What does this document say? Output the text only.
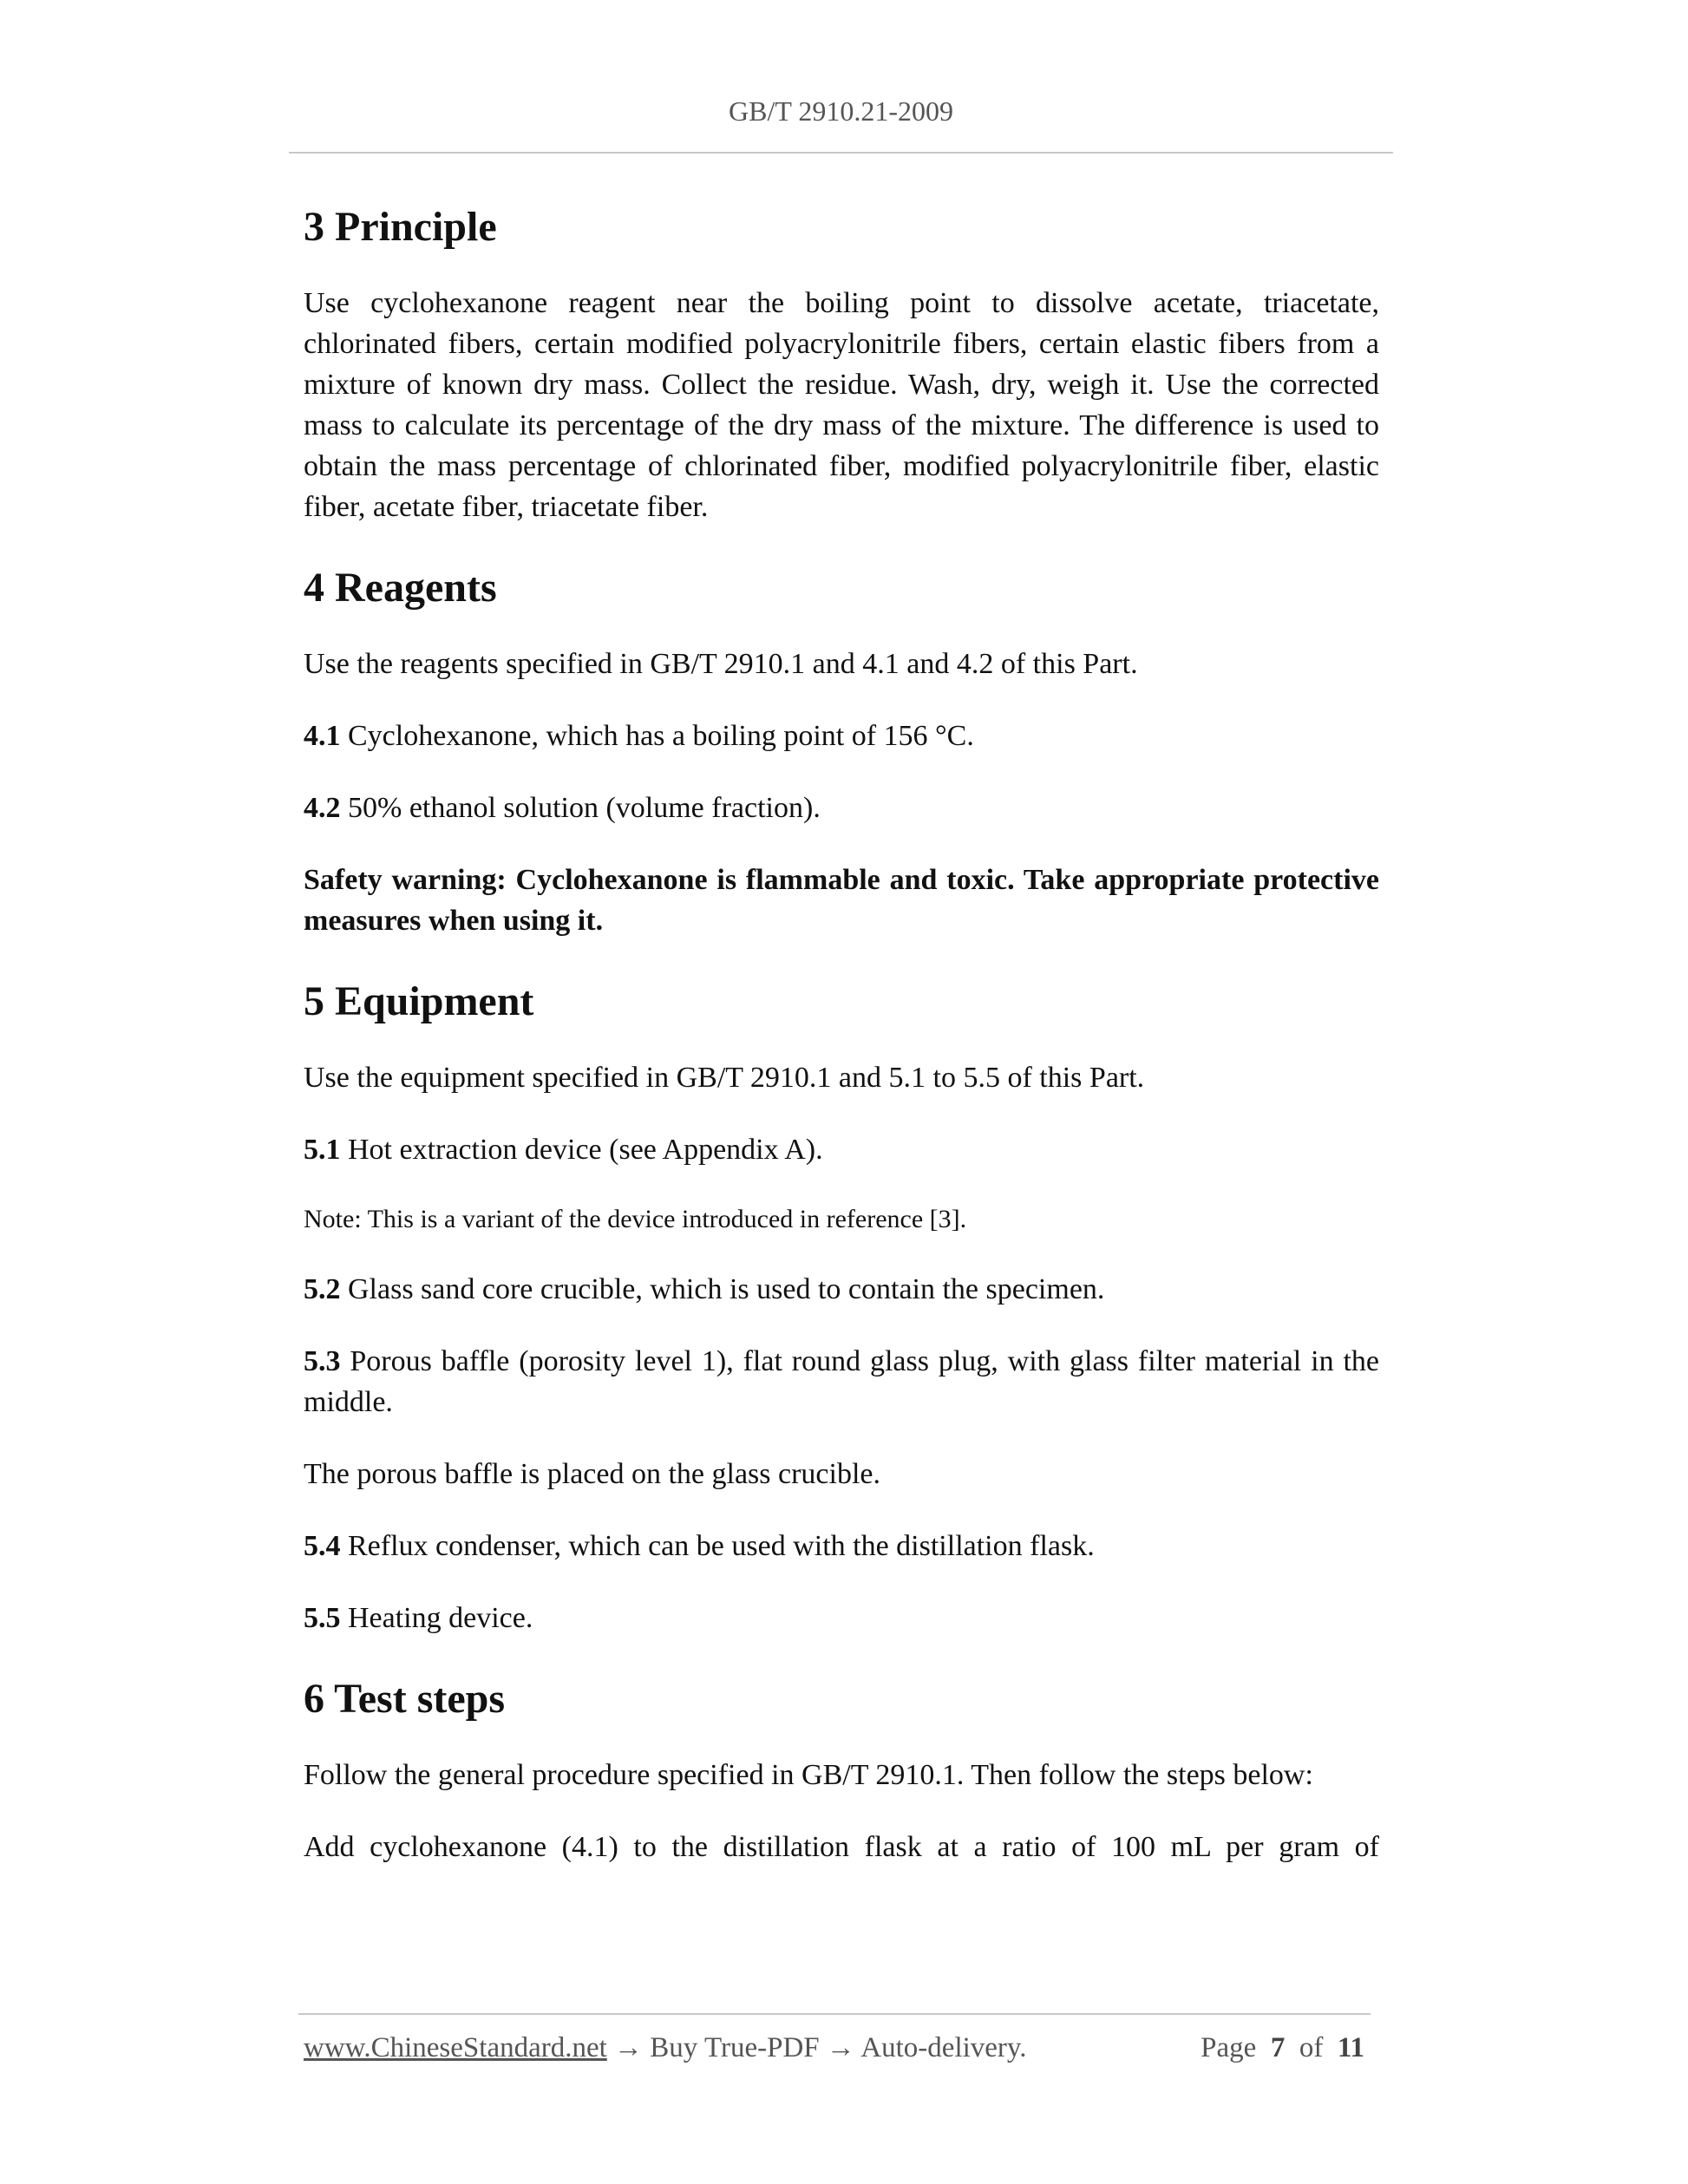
GB/T 2910.21-2009
3 Principle

Use cyclohexanone reagent near the boiling point to dissolve acetate, triacetate, chlorinated fibers, certain modified polyacrylonitrile fibers, certain elastic fibers from a mixture of known dry mass. Collect the residue. Wash, dry, weigh it. Use the corrected mass to calculate its percentage of the dry mass of the mixture. The difference is used to obtain the mass percentage of chlorinated fiber, modified polyacrylonitrile fiber, elastic fiber, acetate fiber, triacetate fiber.

4 Reagents

Use the reagents specified in GB/T 2910.1 and 4.1 and 4.2 of this Part.

4.1 Cyclohexanone, which has a boiling point of 156 °C.

4.2 50% ethanol solution (volume fraction).

Safety warning: Cyclohexanone is flammable and toxic. Take appropriate protective measures when using it.

5 Equipment

Use the equipment specified in GB/T 2910.1 and 5.1 to 5.5 of this Part.

5.1 Hot extraction device (see Appendix A).

Note: This is a variant of the device introduced in reference [3].

5.2 Glass sand core crucible, which is used to contain the specimen.

5.3 Porous baffle (porosity level 1), flat round glass plug, with glass filter material in the middle.

The porous baffle is placed on the glass crucible.

5.4 Reflux condenser, which can be used with the distillation flask.

5.5 Heating device.

6 Test steps

Follow the general procedure specified in GB/T 2910.1. Then follow the steps below:

Add cyclohexanone (4.1) to the distillation flask at a ratio of 100 mL per gram of

www.ChineseStandard.net → Buy True-PDF → Auto-delivery.	Page 7 of 11
